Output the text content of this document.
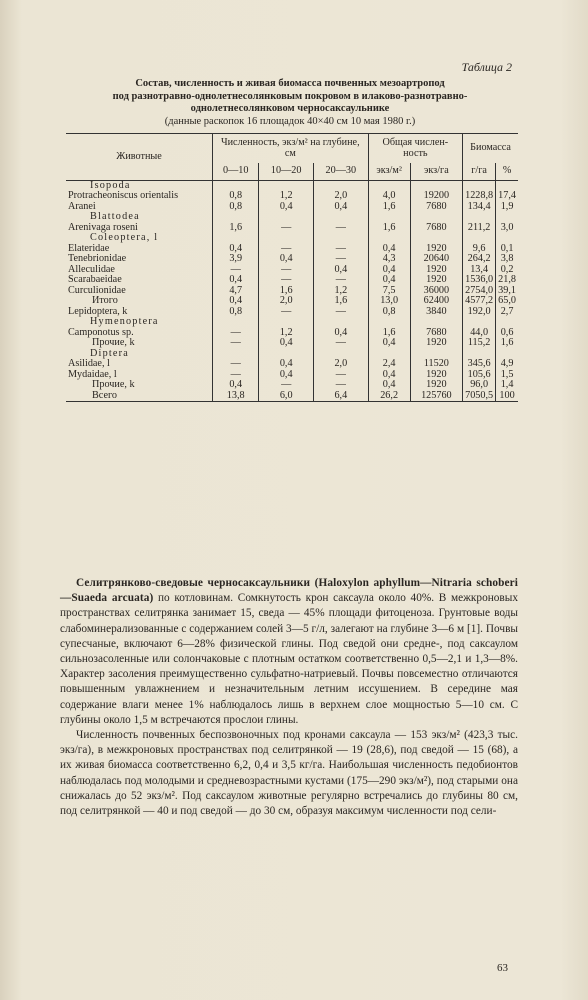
Таблица 2
Состав, численность и живая биомасса почвенных мезоартропод
под разнотравно-однолетнесолянковым покровом в илаково-разнотравно-
однолетнесолянковом черносаксаульнике
(данные раскопок 16 площадок 40×40 см 10 мая 1980 г.)
Животные	Численность, экз/м² на глубине, см			Общая числен-ность		Биомасса	
	0—10	10—20	20—30	экз/м²	экз/га	г/га	%
Isopoda							
Protracheoniscus orientalis	0,8	1,2	2,0	4,0	19200	1228,8	17,4
Aranei	0,8	0,4	0,4	1,6	7680	134,4	1,9
Blattodea							
Arenivaga roseni	1,6	—	—	1,6	7680	211,2	3,0
Coleoptera, l							
Elateridae	0,4	—	—	0,4	1920	9,6	0,1
Tenebrionidae	3,9	0,4	—	4,3	20640	264,2	3,8
Alleculidae	—	—	0,4	0,4	1920	13,4	0,2
Scarabaeidae	0,4	—	—	0,4	1920	1536,0	21,8
Curculionidae	4,7	1,6	1,2	7,5	36000	2754,0	39,1
Итого	0,4	2,0	1,6	13,0	62400	4577,2	65,0
Lepidoptera, k	0,8	—	—	0,8	3840	192,0	2,7
Hymenoptera							
Camponotus sp.	—	1,2	0,4	1,6	7680	44,0	0,6
Прочие, k	—	0,4	—	0,4	1920	115,2	1,6
Diptera							
Asilidae, l	—	0,4	2,0	2,4	11520	345,6	4,9
Mydaidae, l	—	0,4	—	0,4	1920	105,6	1,5
Прочие, k	0,4	—	—	0,4	1920	96,0	1,4
Всего	13,8	6,0	6,4	26,2	125760	7050,5	100

Селитрянково-сведовые черносаксаульники (Haloxylon aphyllum—Nitraria schoberi—Suaeda arcuata) по котловинам. Сомкнутость крон саксаула около 40%. В межкроновых пространствах селитрянка занимает 15, сведа — 45% площади фитоценоза. Грунтовые воды слабоминерализованные с содержанием солей 3—5 г/л, залегают на глубине 3—6 м [1]. Почвы супесчаные, включают 6—28% физической глины. Под сведой они средне-, под саксаулом сильнозасоленные или солончаковые с плотным остатком соответственно 0,5—2,1 и 1,3—8%. Характер засоления преимущественно сульфатно-натриевый. Почвы повсеместно отличаются повышенным увлажнением и незначительным летним иссушением. В середине мая содержание влаги менее 1% наблюдалось лишь в верхнем слое мощностью 5—10 см. С глубины около 1,5 м встречаются прослои глины.

Численность почвенных беспозвоночных под кронами саксаула — 153 экз/м² (423,3 тыс. экз/га), в межкроновых пространствах под селитрянкой — 19 (28,6), под сведой — 15 (68), а их живая биомасса соответственно 6,2, 0,4 и 3,5 кг/га. Наибольшая численность педобионтов наблюдалась под молодыми и средневозрастными кустами (175—290 экз/м²), под старыми она снижалась до 52 экз/м². Под саксаулом животные регулярно встречались до глубины 80 см, под селитрянкой — 40 и под сведой — до 30 см, образуя максимум численности под сели-

63
